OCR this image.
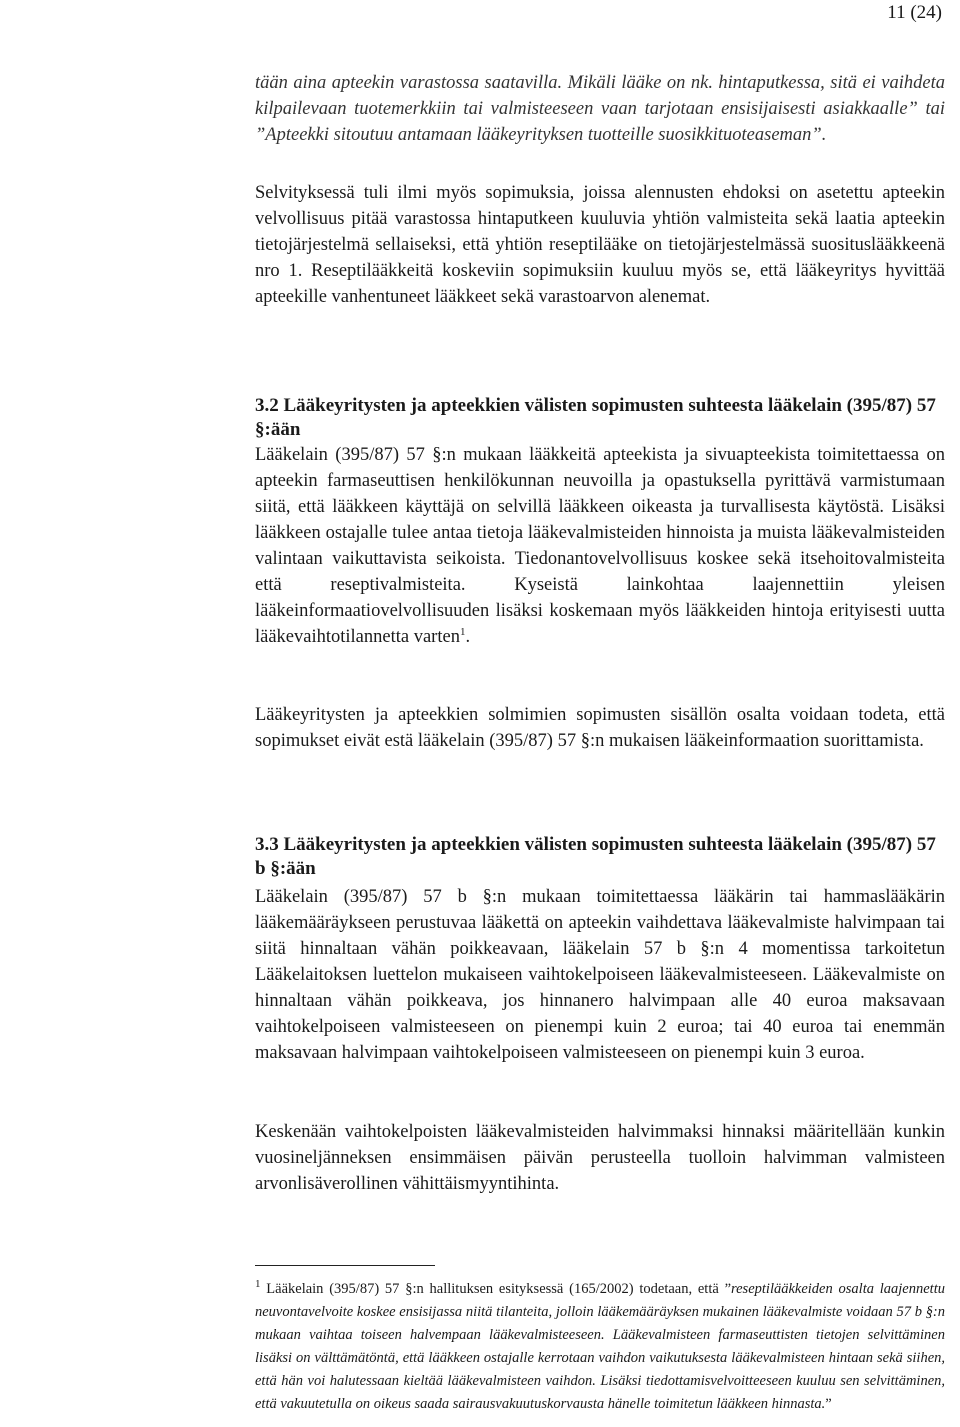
11 (24)

tään aina apteekin varastossa saatavilla. Mikäli lääke on nk. hintaputkessa, sitä ei vaihdeta kilpailevaan tuotemerkkiin tai valmisteeseen vaan tarjotaan ensisijaisesti asiakkaalle” tai ”Apteekki sitoutuu antamaan lääkeyrityksen tuotteille suosikkituoteaseman”.

Selvityksessä tuli ilmi myös sopimuksia, joissa alennusten ehdoksi on asetettu apteekin velvollisuus pitää varastossa hintaputkeen kuuluvia yhtiön valmisteita sekä laatia apteekin tietojärjestelmä sellaiseksi, että yhtiön reseptilääke on tietojärjestelmässä suosituslääkkeenä nro 1. Reseptilääkkeitä koskeviin sopimuksiin kuuluu myös se, että lääkeyritys hyvittää apteekille vanhentuneet lääkkeet sekä varastoarvon alenemat.

3.2 Lääkeyritysten ja apteekkien välisten sopimusten suhteesta lääkelain (395/87) 57 §:ään

Lääkelain (395/87) 57 §:n mukaan lääkkeitä apteekista ja sivuapteekista toimitettaessa on apteekin farmaseuttisen henkilökunnan neuvoilla ja opastuksella pyrittävä varmistumaan siitä, että lääkkeen käyttäjä on selvillä lääkkeen oikeasta ja turvallisesta käytöstä. Lisäksi lääkkeen ostajalle tulee antaa tietoja lääkevalmisteiden hinnoista ja muista lääkevalmisteiden valintaan vaikuttavista seikoista. Tiedonantovelvollisuus koskee sekä itsehoitovalmisteita että reseptivalmisteita. Kyseistä lainkohtaa laajennettiin yleisen lääkeinformaatiovelvollisuuden lisäksi koskemaan myös lääkkeiden hintoja erityisesti uutta lääkevaihtotilannetta varten$^1$.

Lääkeyritysten ja apteekkien solmimien sopimusten sisällön osalta voidaan todeta, että sopimukset eivät estä lääkelain (395/87) 57 §:n mukaisen lääkeinformaation suorittamista.

3.3 Lääkeyritysten ja apteekkien välisten sopimusten suhteesta lääkelain (395/87) 57 b §:ään

Lääkelain (395/87) 57 b §:n mukaan toimitettaessa lääkärin tai hammaslääkärin lääkemääräykseen perustuvaa lääkettä on apteekin vaihdettava lääkevalmiste halvimpaan tai siitä hinnaltaan vähän poikkeavaan, lääkelain 57 b §:n 4 momentissa tarkoitetun Lääkelaitoksen luettelon mukaiseen vaihtokelpoiseen lääkevalmisteeseen. Lääkevalmiste on hinnaltaan vähän poikkeava, jos hinnanero halvimpaan alle 40 euroa maksavaan vaihtokelpoiseen valmisteeseen on pienempi kuin 2 euroa; tai 40 euroa tai enemmän maksavaan halvimpaan vaihtokelpoiseen valmisteeseen on pienempi kuin 3 euroa.

Keskenään vaihtokelpoisten lääkevalmisteiden halvimmaksi hinnaksi määritellään kunkin vuosineljänneksen ensimmäisen päivän perusteella tuolloin halvimman valmisteen arvonlisäverollinen vähittäismyyntihinta.

$^1$ Lääkelain (395/87) 57 §:n hallituksen esityksessä (165/2002) todetaan, että ”reseptilääkkeiden osalta laajennettu neuvontavelvoite koskee ensisijassa niitä tilanteita, jolloin lääkemääräyksen mukainen lääkevalmiste voidaan 57 b §:n mukaan vaihtaa toiseen halvempaan lääkevalmisteeseen. Lääkevalmisteen farmaseuttisten tietojen selvittäminen lisäksi on välttämätöntä, että lääkkeen ostajalle kerrotaan vaihdon vaikutuksesta lääkevalmisteen hintaan sekä siihen, että hän voi halutessaan kieltää lääkevalmisteen vaihdon. Lisäksi tiedottamisvelvoitteeseen kuuluu sen selvittäminen, että vakuutetulla on oikeus saada sairausvakuutuskorvausta hänelle toimitetun lääkkeen hinnasta.”
